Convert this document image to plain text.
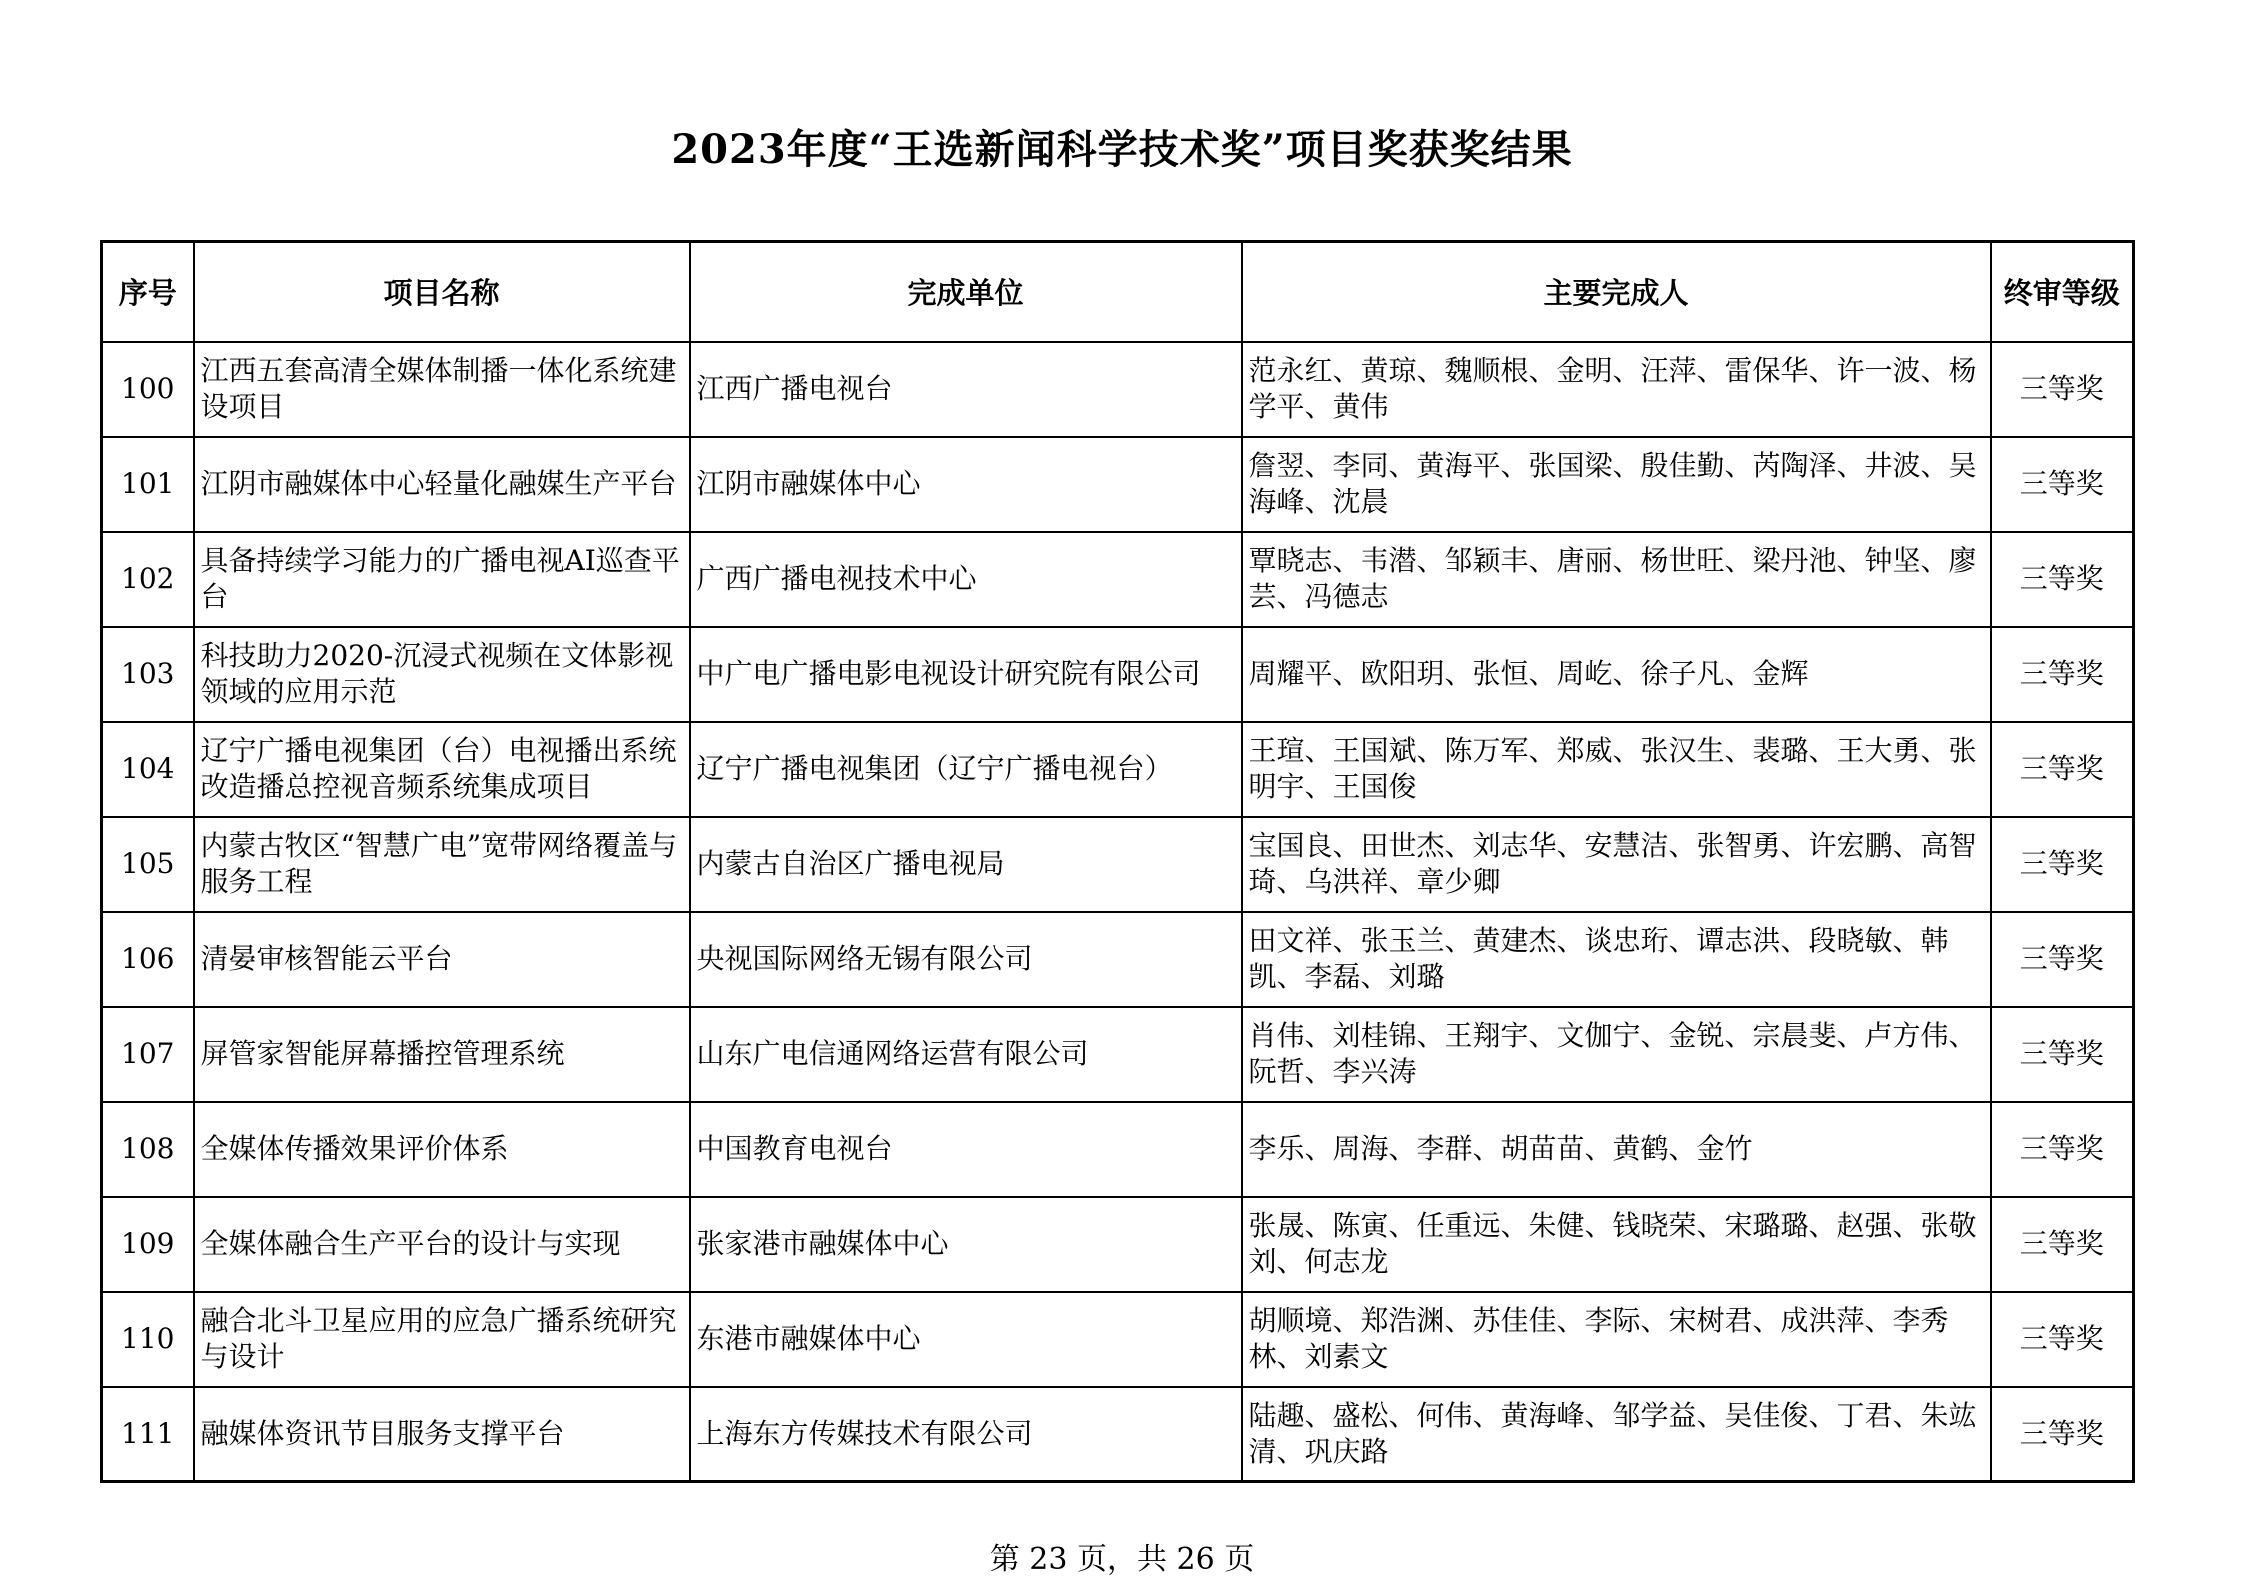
2023年度“王选新闻科学技术奖”项目奖获奖结果
序号	项目名称	完成单位	主要完成人	终审等级
100	江西五套高清全媒体制播一体化系统建设项目	江西广播电视台	范永红、黄琼、魏顺根、金明、汪萍、雷保华、许一波、杨学平、黄伟	三等奖
101	江阴市融媒体中心轻量化融媒生产平台	江阴市融媒体中心	詹翌、李同、黄海平、张国梁、殷佳勤、芮陶泽、井波、吴海峰、沈晨	三等奖
102	具备持续学习能力的广播电视AI巡查平台	广西广播电视技术中心	覃晓志、韦潜、邹颖丰、唐丽、杨世旺、梁丹池、钟坚、廖芸、冯德志	三等奖
103	科技助力2020-沉浸式视频在文体影视领域的应用示范	中广电广播电影电视设计研究院有限公司	周耀平、欧阳玥、张恒、周屹、徐子凡、金辉	三等奖
104	辽宁广播电视集团（台）电视播出系统改造播总控视音频系统集成项目	辽宁广播电视集团（辽宁广播电视台）	王瑄、王国斌、陈万军、郑威、张汉生、裴璐、王大勇、张明宇、王国俊	三等奖
105	内蒙古牧区“智慧广电”宽带网络覆盖与服务工程	内蒙古自治区广播电视局	宝国良、田世杰、刘志华、安慧洁、张智勇、许宏鹏、高智琦、乌洪祥、章少卿	三等奖
106	清晏审核智能云平台	央视国际网络无锡有限公司	田文祥、张玉兰、黄建杰、谈忠珩、谭志洪、段晓敏、韩凯、李磊、刘璐	三等奖
107	屏管家智能屏幕播控管理系统	山东广电信通网络运营有限公司	肖伟、刘桂锦、王翔宇、文伽宁、金锐、宗晨斐、卢方伟、阮哲、李兴涛	三等奖
108	全媒体传播效果评价体系	中国教育电视台	李乐、周海、李群、胡苗苗、黄鹤、金竹	三等奖
109	全媒体融合生产平台的设计与实现	张家港市融媒体中心	张晟、陈寅、任重远、朱健、钱晓荣、宋璐璐、赵强、张敬刘、何志龙	三等奖
110	融合北斗卫星应用的应急广播系统研究与设计	东港市融媒体中心	胡顺境、郑浩渊、苏佳佳、李际、宋树君、成洪萍、李秀林、刘素文	三等奖
111	融媒体资讯节目服务支撑平台	上海东方传媒技术有限公司	陆趣、盛松、何伟、黄海峰、邹学益、吴佳俊、丁君、朱竑清、巩庆路	三等奖
第 23 页，共 26 页
